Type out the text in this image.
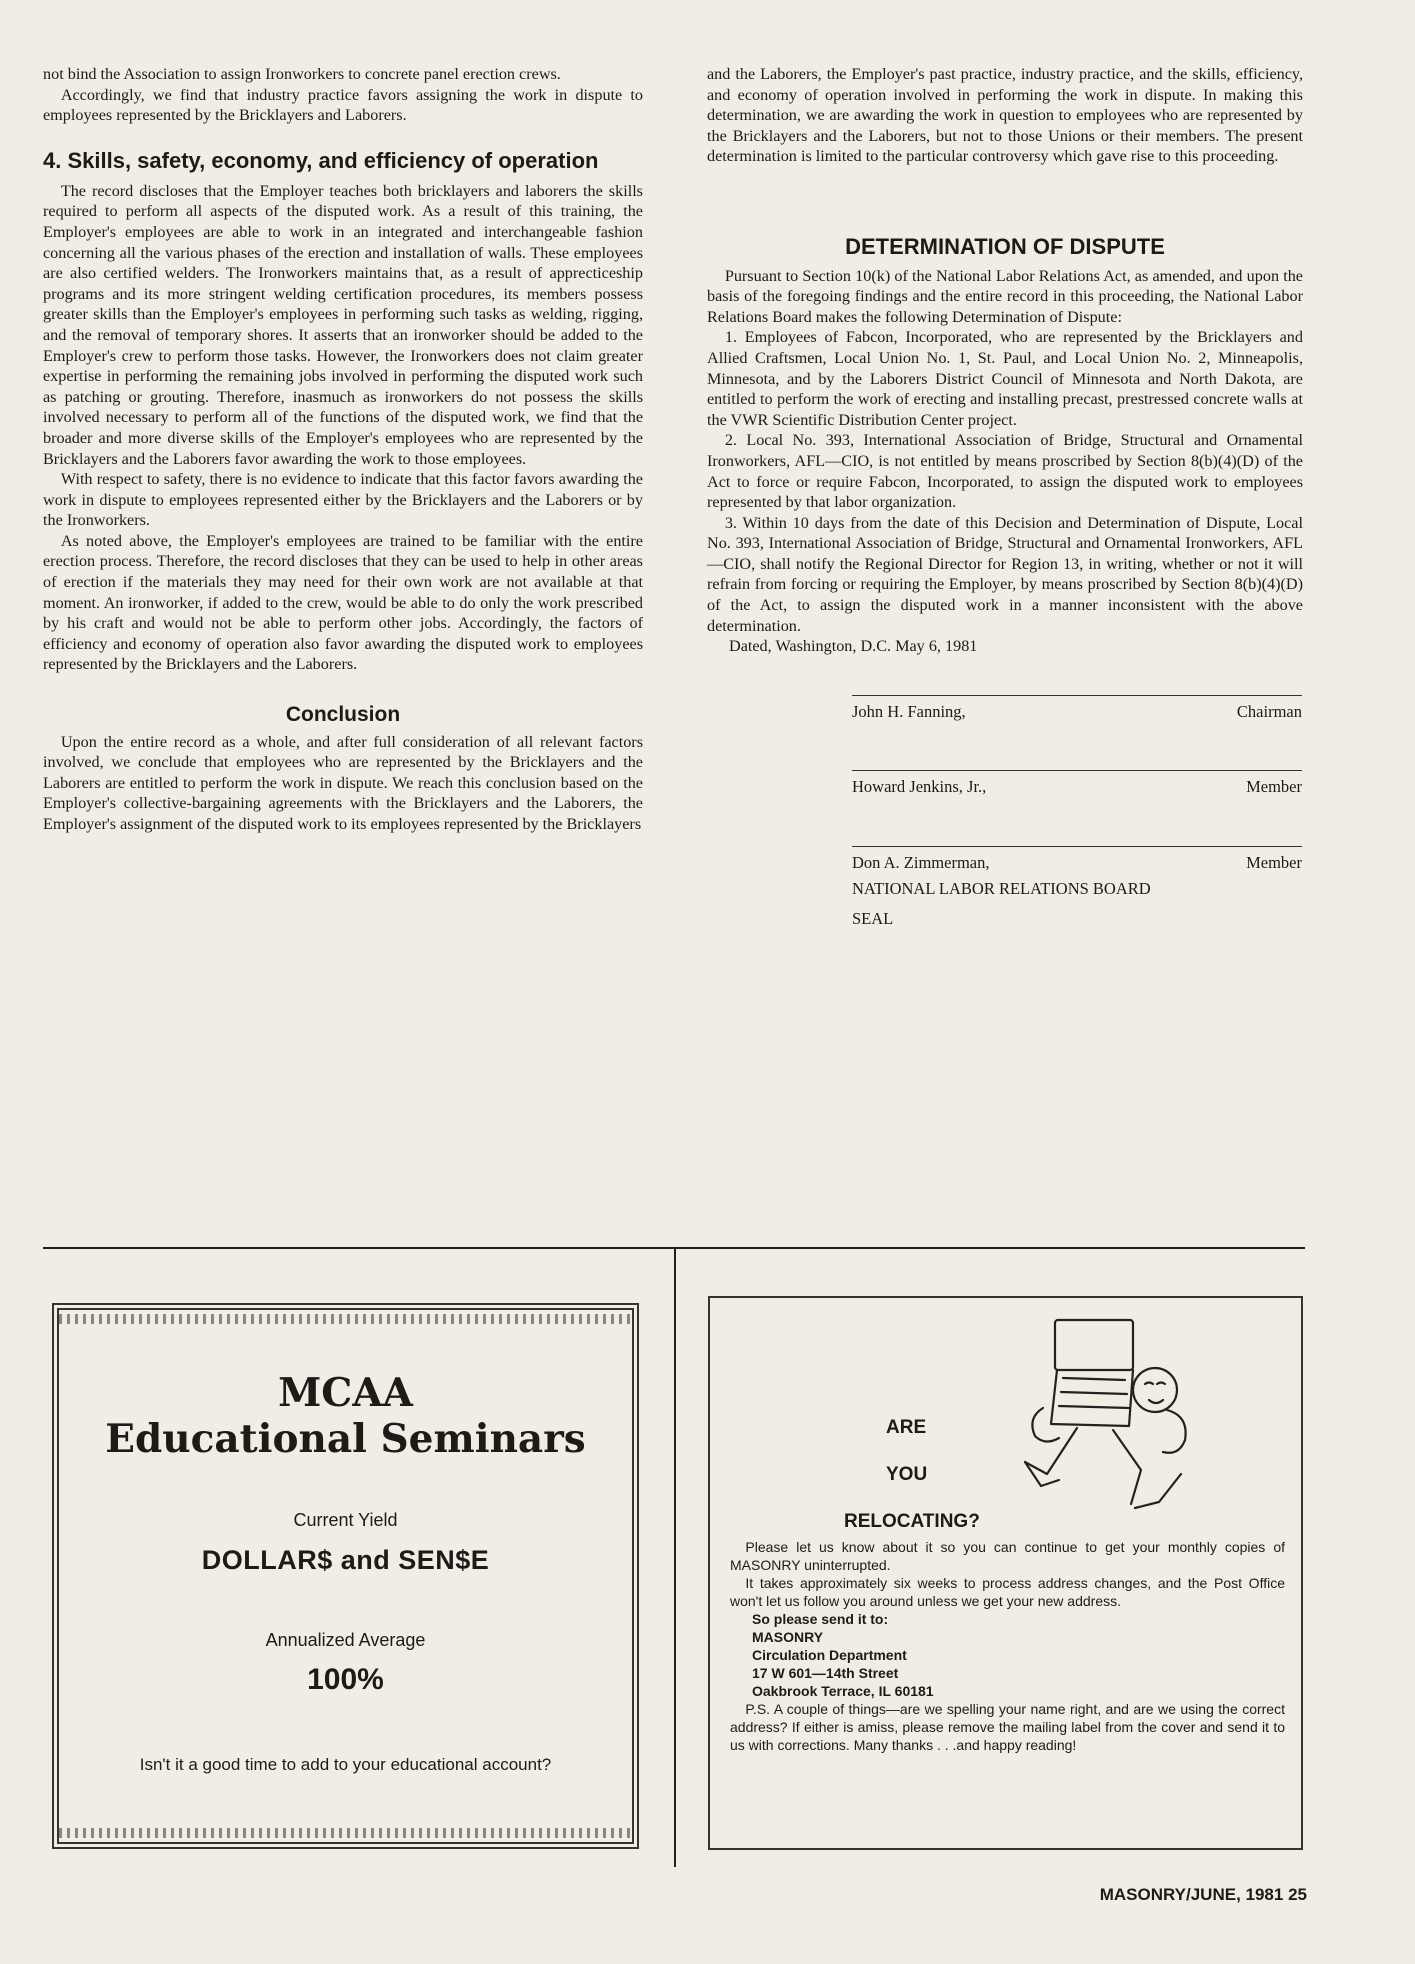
not bind the Association to assign Ironworkers to concrete panel erection crews.

Accordingly, we find that industry practice favors assigning the work in dispute to employees represented by the Bricklayers and Laborers.

4. Skills, safety, economy, and efficiency of operation

The record discloses that the Employer teaches both bricklayers and laborers the skills required to perform all aspects of the disputed work. As a result of this training, the Employer's employees are able to work in an integrated and interchangeable fashion concerning all the various phases of the erection and installation of walls. These employees are also certified welders. The Ironworkers maintains that, as a result of apprecticeship programs and its more stringent welding certification procedures, its members possess greater skills than the Employer's employees in performing such tasks as welding, rigging, and the removal of temporary shores. It asserts that an ironworker should be added to the Employer's crew to perform those tasks. However, the Ironworkers does not claim greater expertise in performing the remaining jobs involved in performing the disputed work such as patching or grouting. Therefore, inasmuch as ironworkers do not possess the skills involved necessary to perform all of the functions of the disputed work, we find that the broader and more diverse skills of the Employer's employees who are represented by the Bricklayers and the Laborers favor awarding the work to those employees.

With respect to safety, there is no evidence to indicate that this factor favors awarding the work in dispute to employees represented either by the Bricklayers and the Laborers or by the Ironworkers.

As noted above, the Employer's employees are trained to be familiar with the entire erection process. Therefore, the record discloses that they can be used to help in other areas of erection if the materials they may need for their own work are not available at that moment. An ironworker, if added to the crew, would be able to do only the work prescribed by his craft and would not be able to perform other jobs. Accordingly, the factors of efficiency and economy of operation also favor awarding the disputed work to employees represented by the Bricklayers and the Laborers.

Conclusion

Upon the entire record as a whole, and after full consideration of all relevant factors involved, we conclude that employees who are represented by the Bricklayers and the Laborers are entitled to perform the work in dispute. We reach this conclusion based on the Employer's collective-bargaining agreements with the Bricklayers and the Laborers, the Employer's assignment of the disputed work to its employees represented by the Bricklayers

and the Laborers, the Employer's past practice, industry practice, and the skills, efficiency, and economy of operation involved in performing the work in dispute. In making this determination, we are awarding the work in question to employees who are represented by the Bricklayers and the Laborers, but not to those Unions or their members. The present determination is limited to the particular controversy which gave rise to this proceeding.

DETERMINATION OF DISPUTE

Pursuant to Section 10(k) of the National Labor Relations Act, as amended, and upon the basis of the foregoing findings and the entire record in this proceeding, the National Labor Relations Board makes the following Determination of Dispute:

1. Employees of Fabcon, Incorporated, who are represented by the Bricklayers and Allied Craftsmen, Local Union No. 1, St. Paul, and Local Union No. 2, Minneapolis, Minnesota, and by the Laborers District Council of Minnesota and North Dakota, are entitled to perform the work of erecting and installing precast, prestressed concrete walls at the VWR Scientific Distribution Center project.

2. Local No. 393, International Association of Bridge, Structural and Ornamental Ironworkers, AFL—CIO, is not entitled by means proscribed by Section 8(b)(4)(D) of the Act to force or require Fabcon, Incorporated, to assign the disputed work to employees represented by that labor organization.

3. Within 10 days from the date of this Decision and Determination of Dispute, Local No. 393, International Association of Bridge, Structural and Ornamental Ironworkers, AFL—CIO, shall notify the Regional Director for Region 13, in writing, whether or not it will refrain from forcing or requiring the Employer, by means proscribed by Section 8(b)(4)(D) of the Act, to assign the disputed work in a manner inconsistent with the above determination.

Dated, Washington, D.C. May 6, 1981

John H. Fanning,	Chairman
Howard Jenkins, Jr.,	Member
Don A. Zimmerman,	Member
NATIONAL LABOR RELATIONS BOARD
SEAL
MCAA
Educational Seminars
Current Yield
DOLLAR$ and SEN$E
Annualized Average
100%
Isn't it a good time to add to your educational account?
ARE
YOU
RELOCATING?

Please let us know about it so you can continue to get your monthly copies of MASONRY uninterrupted.

It takes approximately six weeks to process address changes, and the Post Office won't let us follow you around unless we get your new address.

So please send it to:
MASONRY
Circulation Department
17 W 601—14th Street
Oakbrook Terrace, IL 60181

P.S. A couple of things—are we spelling your name right, and are we using the correct address? If either is amiss, please remove the mailing label from the cover and send it to us with corrections. Many thanks . . .and happy reading!

MASONRY/JUNE, 1981 25
